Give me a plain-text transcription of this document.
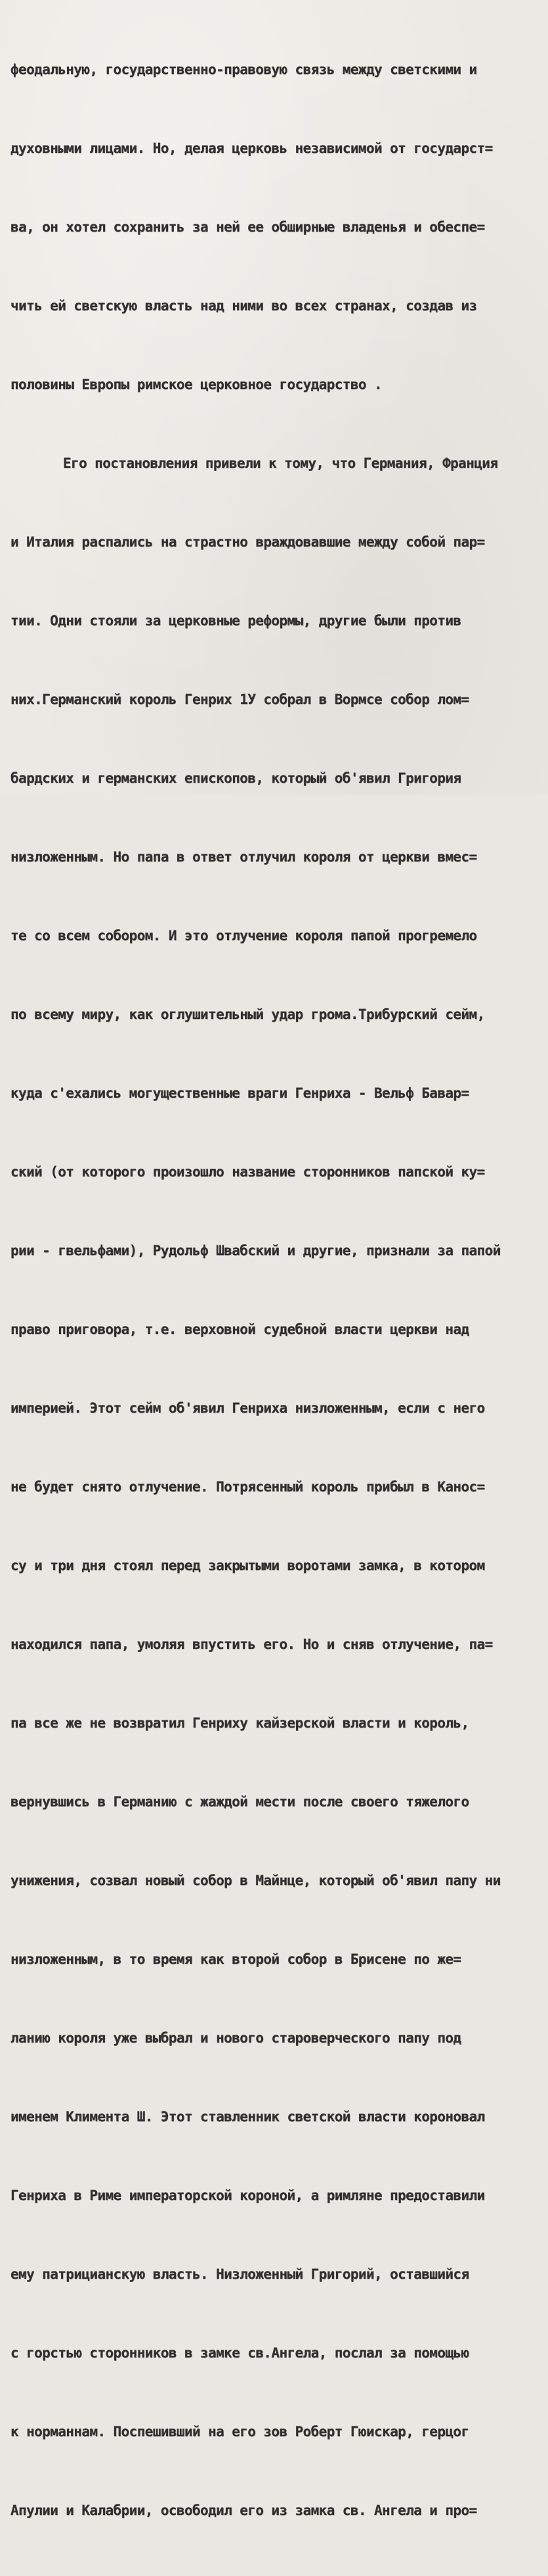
феодальную, государственно-правовую связь между светскими и

духовными лицами. Но, делая церковь независимой от государст=

ва, он хотел сохранить за ней ее обширные владенья и обеспе=

чить ей светскую власть над ними во всех странах, создав из

половины Европы римское церковное государство .

Его постановления привели к тому, что Германия, Франция

и Италия распались на страстно враждовавшие между собой пар=

тии. Одни стояли за церковные реформы, другие были против

них.Германский король Генрих 1У собрал в Вормсе собор лом=

бардских и германских епископов, который об'явил Григория

низложенным. Но папа в ответ отлучил короля от церкви вмес=

те со всем собором. И это отлучение короля папой прогремело

по всему миру, как оглушительный удар грома.Трибурский сейм,

куда с'ехались могущественные враги Генриха - Вельф Бавар=

ский (от которого произошло название сторонников папской ку=

рии - гвельфами), Рудольф Швабский и другие, признали за папой

право приговора, т.е. верховной судебной власти церкви над

империей. Этот сейм об'явил Генриха низложенным, если с него

не будет снято отлучение. Потрясенный король прибыл в Канос=

су и три дня стоял перед закрытыми воротами замка, в котором

находился папа, умоляя впустить его. Но и сняв отлучение, па=

па все же не возвратил Генриху кайзерской власти и король,

вернувшись в Германию с жаждой мести после своего тяжелого

унижения, созвал новый собор в Майнце, который об'явил папу ни

низложенным, в то время как второй собор в Брисене по же=

ланию короля уже выбрал и нового староверческого папу под

именем Климента Ш. Этот ставленник светской власти короновал

Генриха в Риме императорской короной, а римляне предоставили

ему патрицианскую власть. Низложенный Григорий, оставшийся

с горстью сторонников в замке св.Ангела, послал за помощью

к норманнам. Поспешивший на его зов Роберт Гюискар, герцог

Апулии и Калабрии, освободил его из замка св. Ангела и про=
